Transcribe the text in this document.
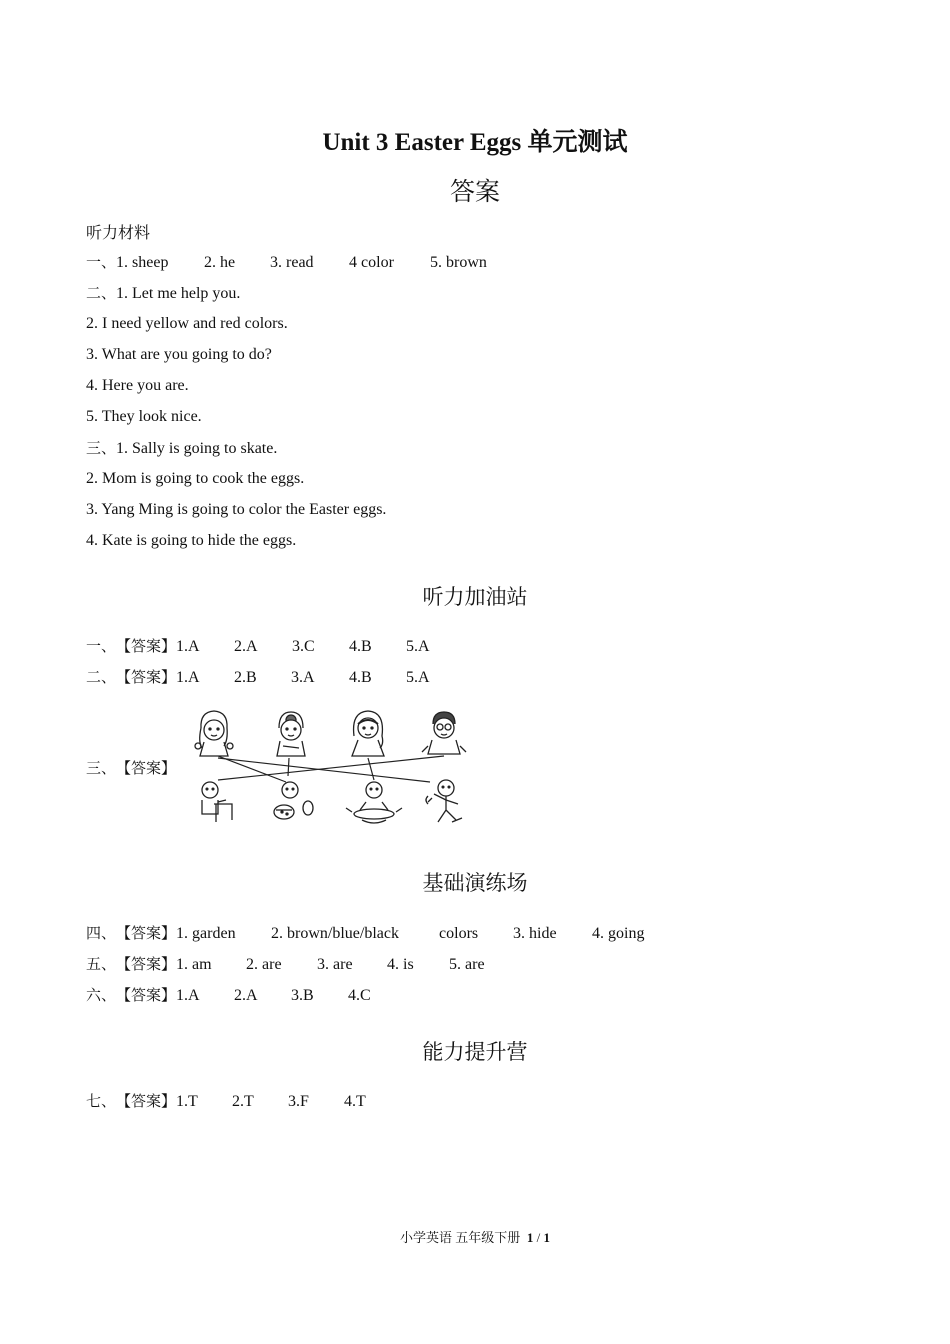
Unit 3 Easter Eggs 单元测试
答案
听力材料
一、1. sheep 2. he 3. read 4 color 5. brown
二、1. Let me help you.
2. I need yellow and red colors.
3. What are you going to do?
4. Here you are.
5. They look nice.
三、1. Sally is going to skate.
2. Mom is going to cook the eggs.
3. Yang Ming is going to color the Easter eggs.
4. Kate is going to hide the eggs.
听力加油站
一、【答案】1.A 2.A 3.C 4.B 5.A
二、【答案】1.A 2.B 3.A 4.B 5.A
三、【答案】
基础演练场
四、【答案】1. garden 2. brown/blue/black	colors 3. hide 4. going
五、【答案】1. am 2. are 3. are 4. is 5. are
六、【答案】1.A 2.A 3.B 4.C
能力提升营
七、【答案】1.T 2.T 3.F 4.T
小学英语 五年级下册 1 / 1
